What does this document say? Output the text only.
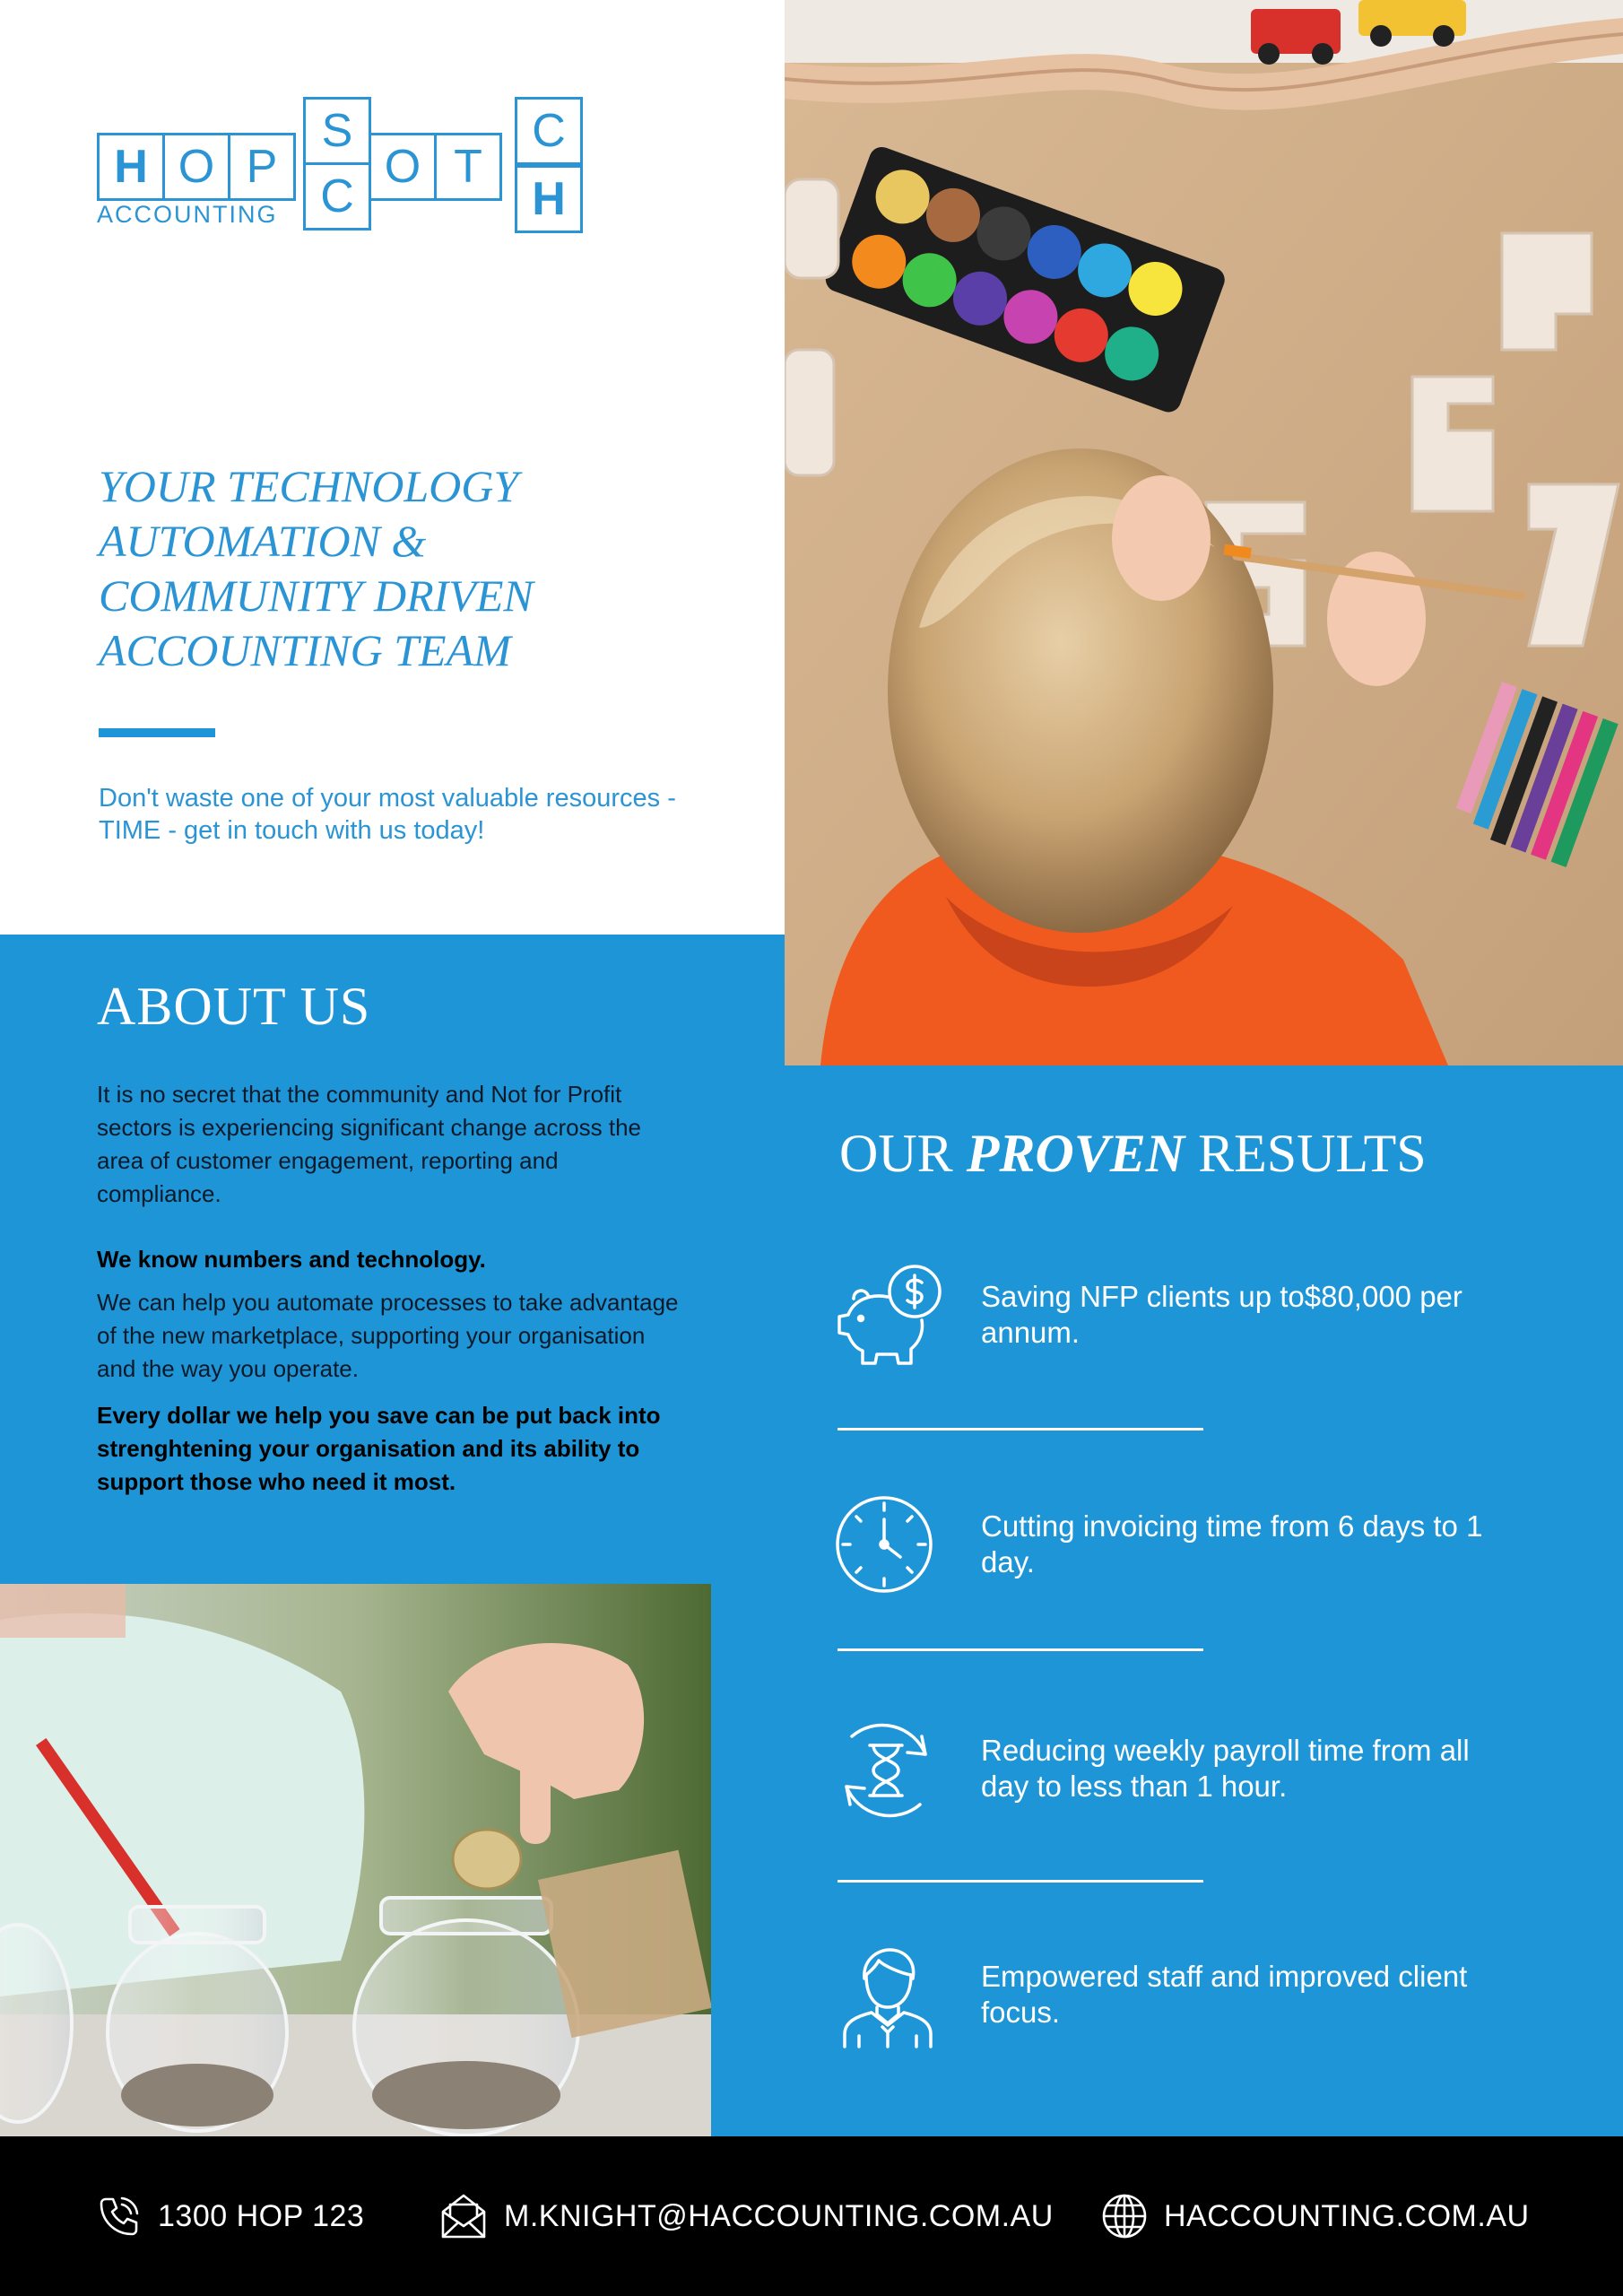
H O P
S
C
O T
C
H
ACCOUNTING
YOUR TECHNOLOGY
AUTOMATION &
COMMUNITY DRIVEN
ACCOUNTING TEAM

Don't waste one of your most valuable resources - TIME - get in touch with us today!

ABOUT US

It is no secret that the community and Not for Profit sectors is experiencing significant change across the area of customer engagement, reporting and compliance.

We know numbers and technology.

We can help you automate processes to take advantage of the new marketplace, supporting your organisation and the way you operate.

Every dollar we help you save can be put back into strenghtening your organisation and its ability to support those who need it most.

OUR PROVEN RESULTS

Saving NFP clients up to$80,000 per annum.

Cutting invoicing time from 6 days to 1 day.

Reducing weekly payroll time from all day to less than 1 hour.

Empowered staff and improved client focus.

1300 HOP 123	M.KNIGHT@HACCOUNTING.COM.AU	HACCOUNTING.COM.AU
